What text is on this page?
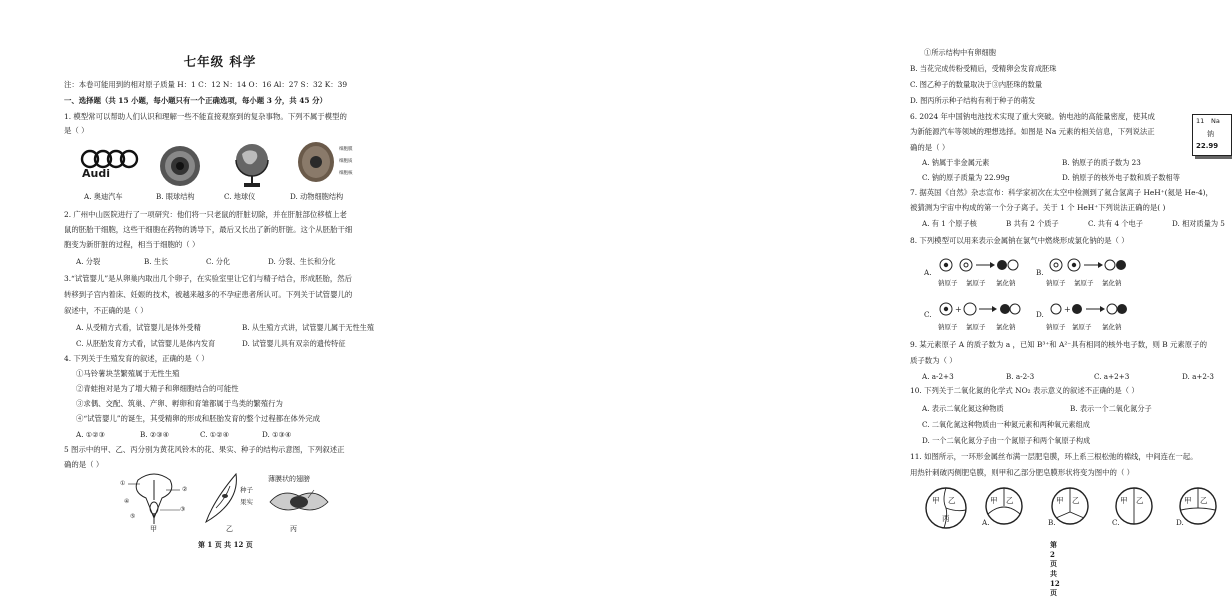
七年级 科学
注：本卷可能用到的相对原子质量 H：1 C：12 N：14 O：16 Al：27 S：32 K：39
一、选择题（共 15 小题，每小题只有一个正确选项，每小题 3 分，共 45 分）
1. 模型常可以帮助人们认识和理解一些不能直接观察到的复杂事物。下列不属于模型的
是（ ）
Audi
细胞膜
细胞质
细胞核
A. 奥迪汽车	B. 眼球结构	C. 地球仪	D. 动物细胞结构
2. 广州中山医院进行了一项研究：他们将一只老鼠的肝脏切除，并在肝脏部位移植上老
鼠的胚胎干细胞，这些干细胞在药物的诱导下，最后又长出了新的肝脏。这个从胚胎干细
胞变为新肝脏的过程，相当于细胞的（ ）
A. 分裂	B. 生长	C. 分化	D. 分裂、生长和分化
3.“试管婴儿”是从卵巢内取出几个卵子，在实验室里让它们与精子结合，形成胚胎，然后
转移到子宫内着床、妊娠的技术，被越来越多的不孕症患者所认可。下列关于试管婴儿的
叙述中，不正确的是（ ）
A. 从受精方式看，试管婴儿是体外受精	B. 从生殖方式讲，试管婴儿属于无性生殖
C. 从胚胎发育方式看，试管婴儿是体内发育	D. 试管婴儿具有双亲的遗传特征
4. 下列关于生殖发育的叙述，正确的是（ ）
①马铃薯块茎繁殖属于无性生殖
②青蛙抱对是为了增大精子和卵细胞结合的可能性
③求偶、交配、筑巢、产卵、孵卵和育雏都属于鸟类的繁殖行为
④“试管婴儿”的诞生，其受精卵的形成和胚胎发育的整个过程都在体外完成
A. ①②③	B. ②③④	C. ①②④	D. ①③④
5 图示中的甲、乙、丙分别为黄花风铃木的花、果实、种子的结构示意图，下列叙述正
确的是（ ）
①
②
③
④
⑤
甲
种子
果实
乙
薄膜状的翅膀
丙
第 1 页 共 12 页
①所示结构中有卵细胞
B. 当花完成传粉受精后，受精卵会发育成胚珠
C. 图乙种子的数量取决于③内胚珠的数量
D. 图丙所示种子结构有利于种子的萌发
6. 2024 年中国钠电池技术实现了重大突破。钠电池的高能量密度，使其成
为新能源汽车等领域的理想选择。如图是 Na 元素的相关信息，下列说法正
确的是（ ）
11 Na
钠
22.99
A. 钠属于非金属元素	B. 钠原子的质子数为 23
C. 钠的原子质量为 22.99g	D. 钠原子的核外电子数和质子数相等
7. 据英国《自然》杂志宣布：科学家初次在太空中检测到了氦合氢离子 HeH⁺(氦是 He-4)，
被猜测为宇宙中构成的第一个分子离子。关于 1 个 HeH⁺下列说法正确的是( )
A. 有 1 个原子核	B 共有 2 个质子	C. 共有 4 个电子	D. 相对质量为 5
8. 下列模型可以用来表示金属钠在氯气中燃烧形成氯化钠的是（ ）
A.
钠原子 氯原子 氯化钠
B.
钠原子 氯原子 氯化钠
C.
+
钠原子 氯原子 氯化钠
D.
+
钠原子 氯原子 氯化钠
9. 某元素原子 A 的质子数为 a ，已知 B³⁺和 A²⁻具有相同的核外电子数，则 B 元素原子的
质子数为（ ）
A. a-2+3	B. a-2-3	C. a+2+3	D. a+2-3
10. 下列关于二氧化氮的化学式 NO₂ 表示意义的叙述不正确的是（ ）
A. 表示二氧化氮这种物质	B. 表示一个二氧化氮分子
C. 二氧化氮这种物质由一种氮元素和两种氧元素组成
D. 一个二氧化氮分子由一个氮原子和两个氧原子构成
11. 如图所示，一环形金属丝布满一层肥皂膜，环上系三根松弛的棉线，中间连在一起。
用热针刺破丙侧肥皂膜，则甲和乙部分肥皂膜形状将变为图中的（ ）
甲 乙
丙
甲 乙
A.
甲 乙
B.
甲 乙
C.
甲 乙
D.
第 2 页 共 12 页
